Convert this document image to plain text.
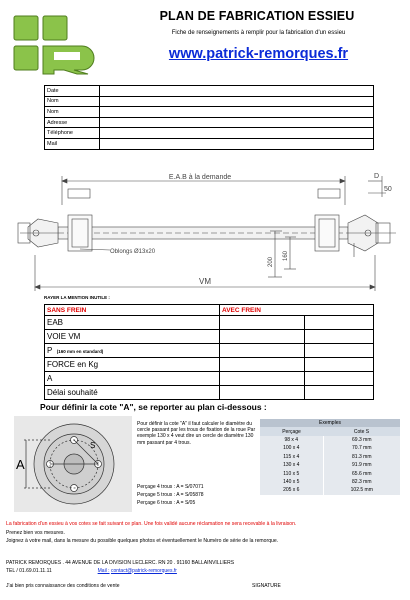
PLAN DE FABRICATION ESSIEU
Fiche de renseignements à remplir pour la fabrication d'un essieu
www.patrick-remorques.fr
Date	
Nom	
Nom	
Adresse	
Téléphone	
Mail	
E.A.B à la demande	D
50
Oblongs Ø13x20
200
160
VM
RAYER LA MENTION INUTILE :
SANS FREIN	AVEC FREIN	
EAB		
VOIE VM		
P (160 mm en standard)		
FORCE en Kg		
A		
Délai souhaité		
Pour définir la cote "A", se reporter au plan ci-dessous :
A
S
Pour définir la cote "A" il faut calculer le diamètre du cercle passant par les trous de fixation de la roue Par exemple 130 x 4 veut dire un cercle de diamètre 130 mm passant par 4 trous.
Perçage 4 trous : A = S/07071
Perçage 5 trous : A = S/05878
Perçage 6 trous : A = S/05
Exemples	
Perçage	Cote S
98 x 4	69.3 mm
100 x 4	70.7 mm
115 x 4	81.3 mm
130 x 4	91.9 mm
110 x 5	65.6 mm
140 x 5	82.3 mm
205 x 6	102.5 mm
La fabrication d'un essieu à vos cotes se fait suivant ce plan. Une fois validé aucune réclamation ne sera recevable à la livraison.
Prenez bien vos mesures.
Joignez à votre mail, dans la mesure du possible quelques photos et éventuellement le Numéro de série de la remorque.
PATRICK REMORQUES . 44 AVENUE DE LA DIVISION LECLERC. RN 20 . 91160 BALLAINVILLIERS
TEL / 01.69.01.11.11	Mail : contact@patrick-remorques.fr
J'ai bien pris connaissance des conditions de vente	SIGNATURE
